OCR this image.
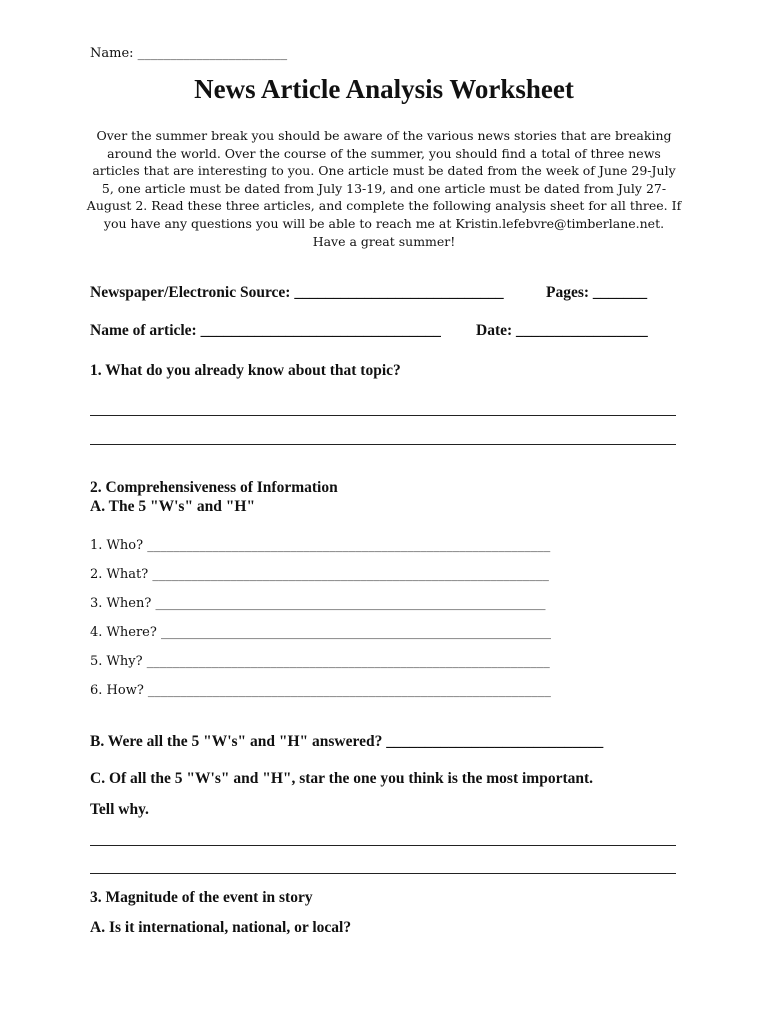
Name: _______________________
News Article Analysis Worksheet

Over the summer break you should be aware of the various news stories that are breaking around the world. Over the course of the summer, you should find a total of three news articles that are interesting to you. One article must be dated from the week of June 29-July 5, one article must be dated from July 13-19, and one article must be dated from July 27-August 2. Read these three articles, and complete the following analysis sheet for all three. If you have any questions you will be able to reach me at Kristin.lefebvre@timberlane.net. Have a great summer!

Newspaper/Electronic Source: ___________________________	Pages: _______
Name of article: _______________________________ Date: _________________
1. What do you already know about that topic?
2. Comprehensiveness of Information
A. The 5 "W's" and "H"
1. Who? ______________________________________________________________
2. What? _____________________________________________________________
3. When? ____________________________________________________________
4. Where? ____________________________________________________________
5. Why? ______________________________________________________________
6. How? ______________________________________________________________
B. Were all the 5 "W's" and "H" answered? ____________________________
C. Of all the 5 "W's" and "H", star the one you think is the most important.
Tell why.
3. Magnitude of the event in story
A. Is it international, national, or local?
